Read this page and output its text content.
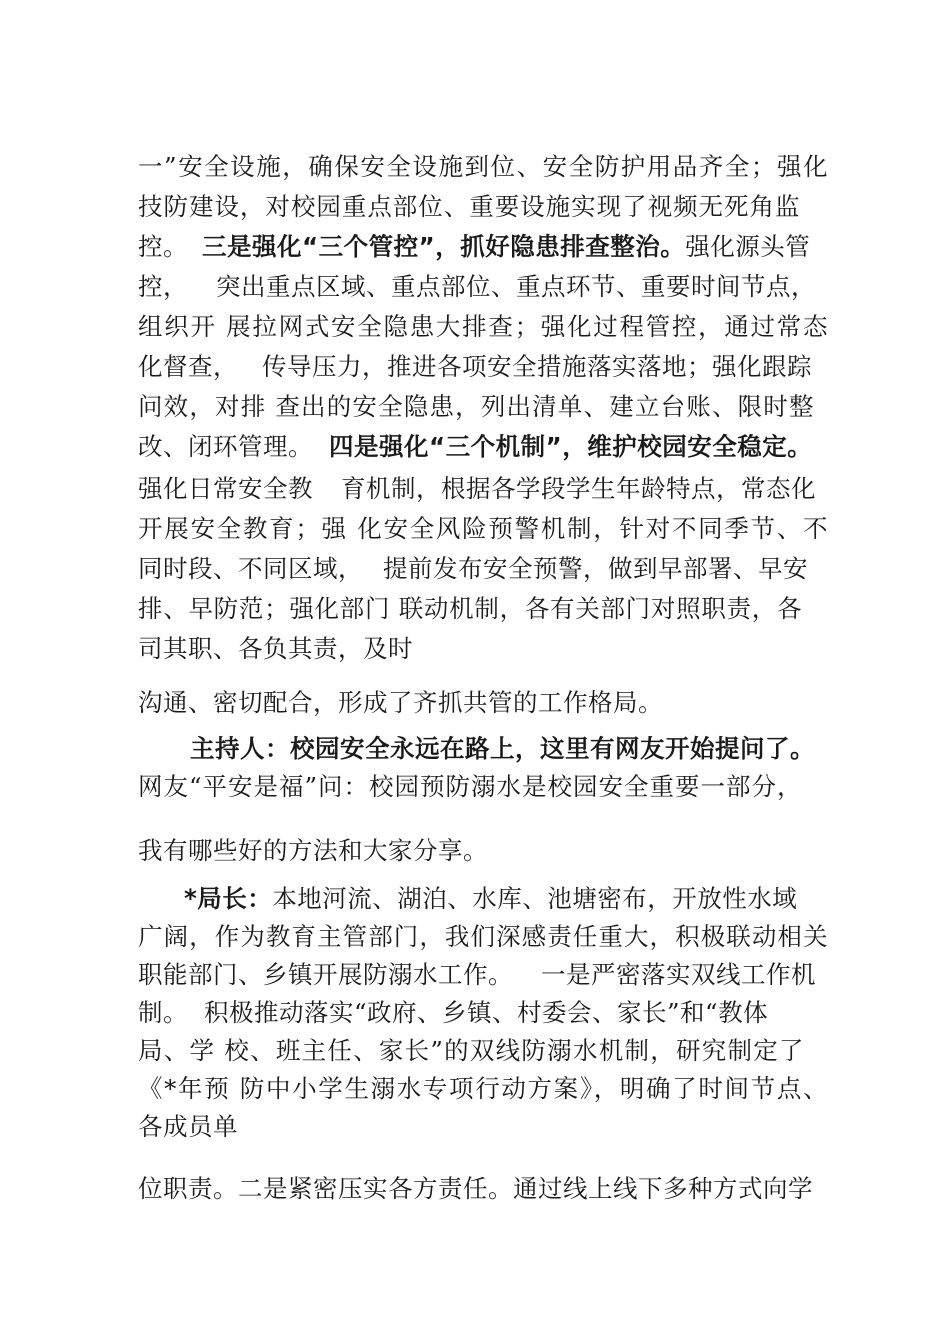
一”安全设施，确保安全设施到位、安全防护用品齐全；强化
技防建设，对校园重点部位、重要设施实现了视频无死角监
控。 三是强化“三个管控”，抓好隐患排查整治。强化源头管
控， 突出重点区域、重点部位、重点环节、重要时间节点，
组织开 展拉网式安全隐患大排查；强化过程管控，通过常态
化督查， 传导压力，推进各项安全措施落实落地；强化跟踪
问效，对排 查出的安全隐患，列出清单、建立台账、限时整
改、闭环管理。 四是强化“三个机制”，维护校园安全稳定。
强化日常安全教 育机制，根据各学段学生年龄特点，常态化
开展安全教育；强 化安全风险预警机制，针对不同季节、不
同时段、不同区域， 提前发布安全预警，做到早部署、早安
排、早防范；强化部门 联动机制，各有关部门对照职责，各
司其职、各负其责，及时
沟通、密切配合，形成了齐抓共管的工作格局。
主持人：校园安全永远在路上，这里有网友开始提问了。
网友“平安是福”问：校园预防溺水是校园安全重要一部分，
我有哪些好的方法和大家分享。
*局长：本地河流、湖泊、水库、池塘密布，开放性水域
广阔，作为教育主管部门，我们深感责任重大，积极联动相关
职能部门、乡镇开展防溺水工作。 一是严密落实双线工作机
制。 积极推动落实“政府、乡镇、村委会、家长”和“教体
局、学 校、班主任、家长”的双线防溺水机制，研究制定了
《*年预 防中小学生溺水专项行动方案》，明确了时间节点、
各成员单
位职责。二是紧密压实各方责任。通过线上线下多种方式向学
